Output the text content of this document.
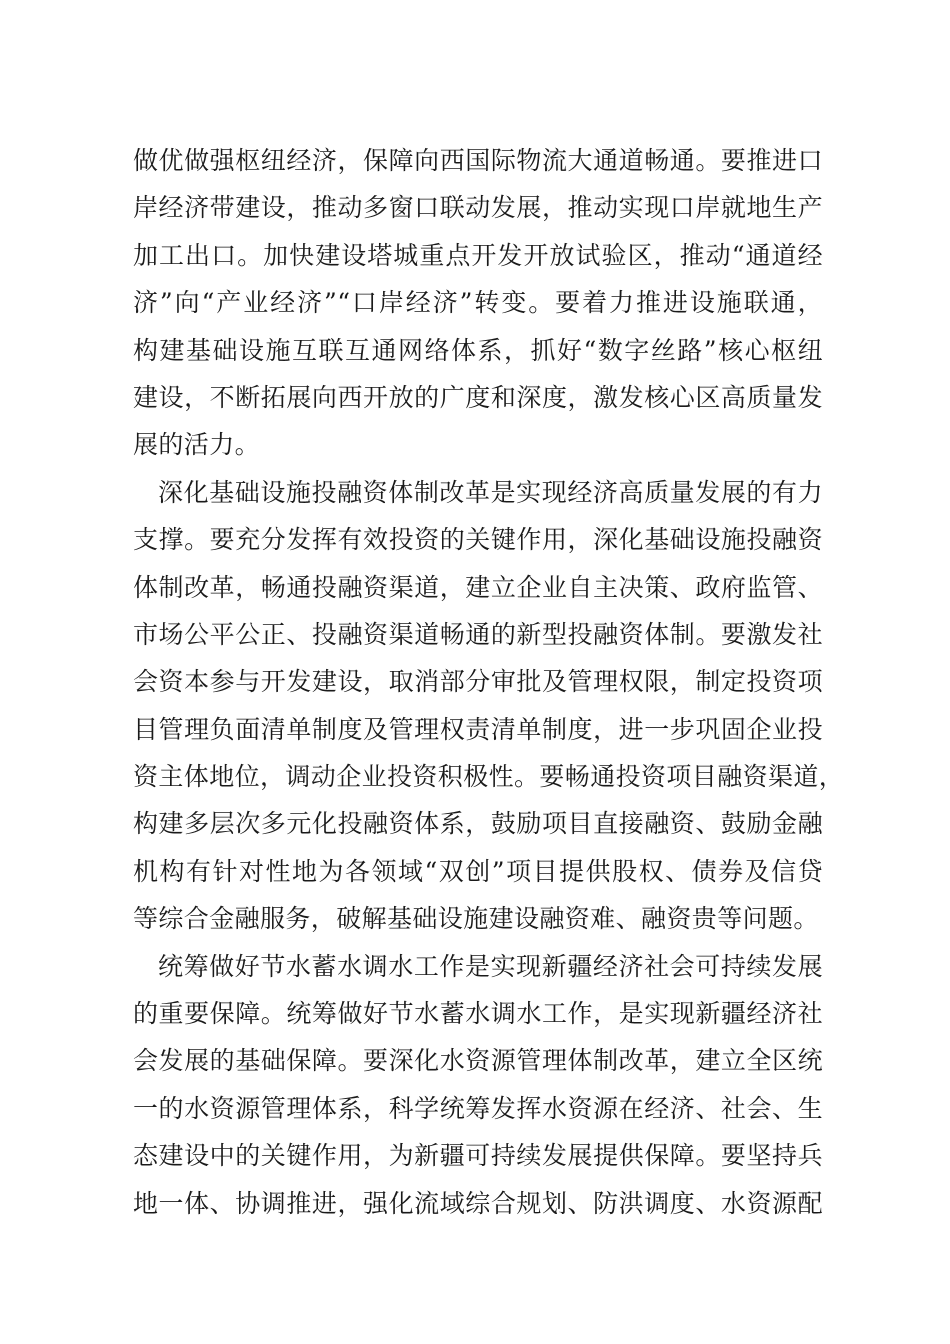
做优做强枢纽经济，保障向西国际物流大通道畅通。要推进口
岸经济带建设，推动多窗口联动发展，推动实现口岸就地生产
加工出口。加快建设塔城重点开发开放试验区，推动“通道经
济”向“产业经济”“口岸经济”转变。要着力推进设施联通，
构建基础设施互联互通网络体系，抓好“数字丝路”核心枢纽
建设，不断拓展向西开放的广度和深度，激发核心区高质量发
展的活力。
深化基础设施投融资体制改革是实现经济高质量发展的有力
支撑。要充分发挥有效投资的关键作用，深化基础设施投融资
体制改革，畅通投融资渠道，建立企业自主决策、政府监管、
市场公平公正、投融资渠道畅通的新型投融资体制。要激发社
会资本参与开发建设，取消部分审批及管理权限，制定投资项
目管理负面清单制度及管理权责清单制度，进一步巩固企业投
资主体地位，调动企业投资积极性。要畅通投资项目融资渠道，
构建多层次多元化投融资体系，鼓励项目直接融资、鼓励金融
机构有针对性地为各领域“双创”项目提供股权、债券及信贷
等综合金融服务，破解基础设施建设融资难、融资贵等问题。
统筹做好节水蓄水调水工作是实现新疆经济社会可持续发展
的重要保障。统筹做好节水蓄水调水工作，是实现新疆经济社
会发展的基础保障。要深化水资源管理体制改革，建立全区统
一的水资源管理体系，科学统筹发挥水资源在经济、社会、生
态建设中的关键作用，为新疆可持续发展提供保障。要坚持兵
地一体、协调推进，强化流域综合规划、防洪调度、水资源配
